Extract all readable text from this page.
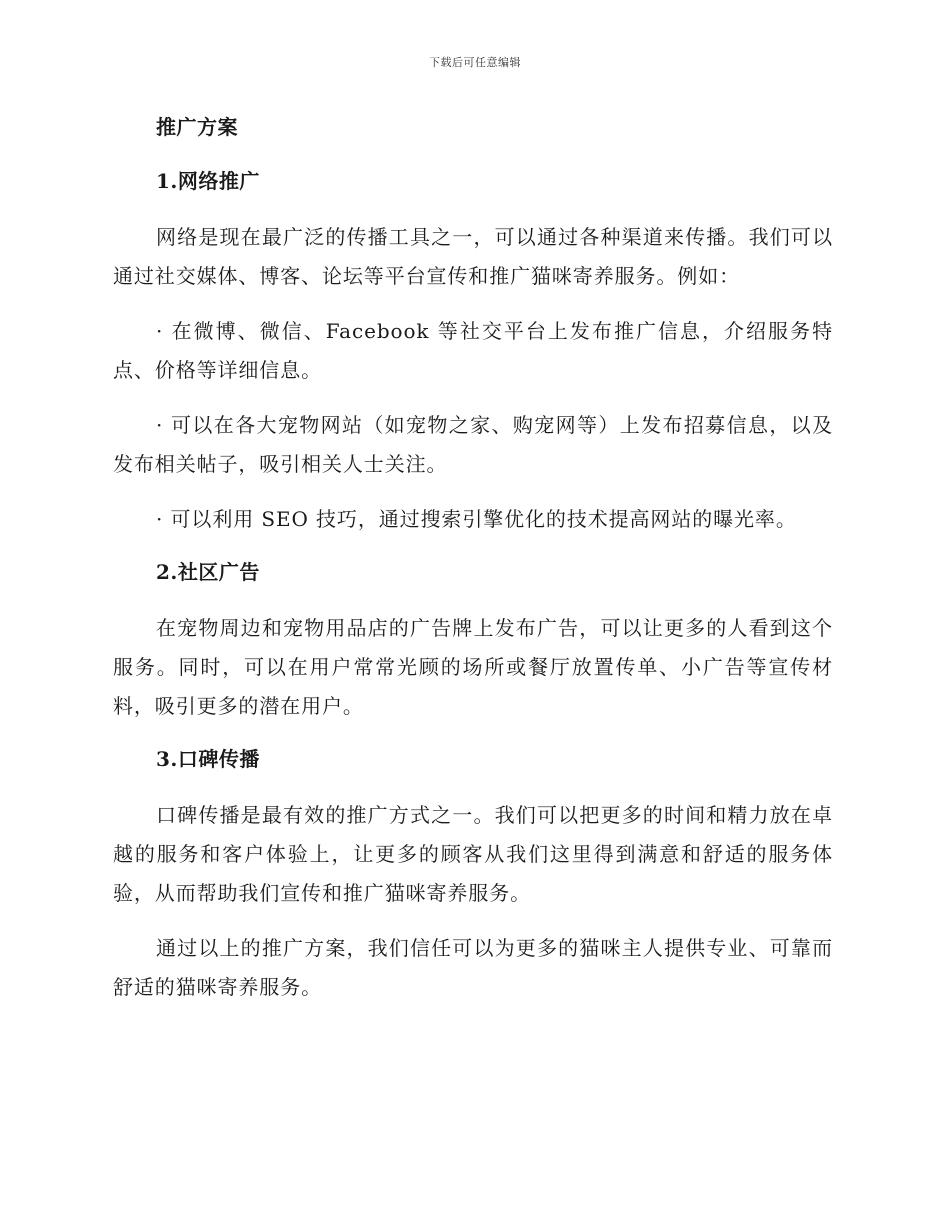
下载后可任意编辑
推广方案
1.网络推广

网络是现在最广泛的传播工具之一，可以通过各种渠道来传播。我们可以通过社交媒体、博客、论坛等平台宣传和推广猫咪寄养服务。例如：

· 在微博、微信、Facebook 等社交平台上发布推广信息，介绍服务特点、价格等详细信息。

· 可以在各大宠物网站（如宠物之家、购宠网等）上发布招募信息，以及发布相关帖子，吸引相关人士关注。

· 可以利用 SEO 技巧，通过搜索引擎优化的技术提高网站的曝光率。

2.社区广告

在宠物周边和宠物用品店的广告牌上发布广告，可以让更多的人看到这个服务。同时，可以在用户常常光顾的场所或餐厅放置传单、小广告等宣传材料，吸引更多的潜在用户。

3.口碑传播

口碑传播是最有效的推广方式之一。我们可以把更多的时间和精力放在卓越的服务和客户体验上，让更多的顾客从我们这里得到满意和舒适的服务体验，从而帮助我们宣传和推广猫咪寄养服务。

通过以上的推广方案，我们信任可以为更多的猫咪主人提供专业、可靠而舒适的猫咪寄养服务。
